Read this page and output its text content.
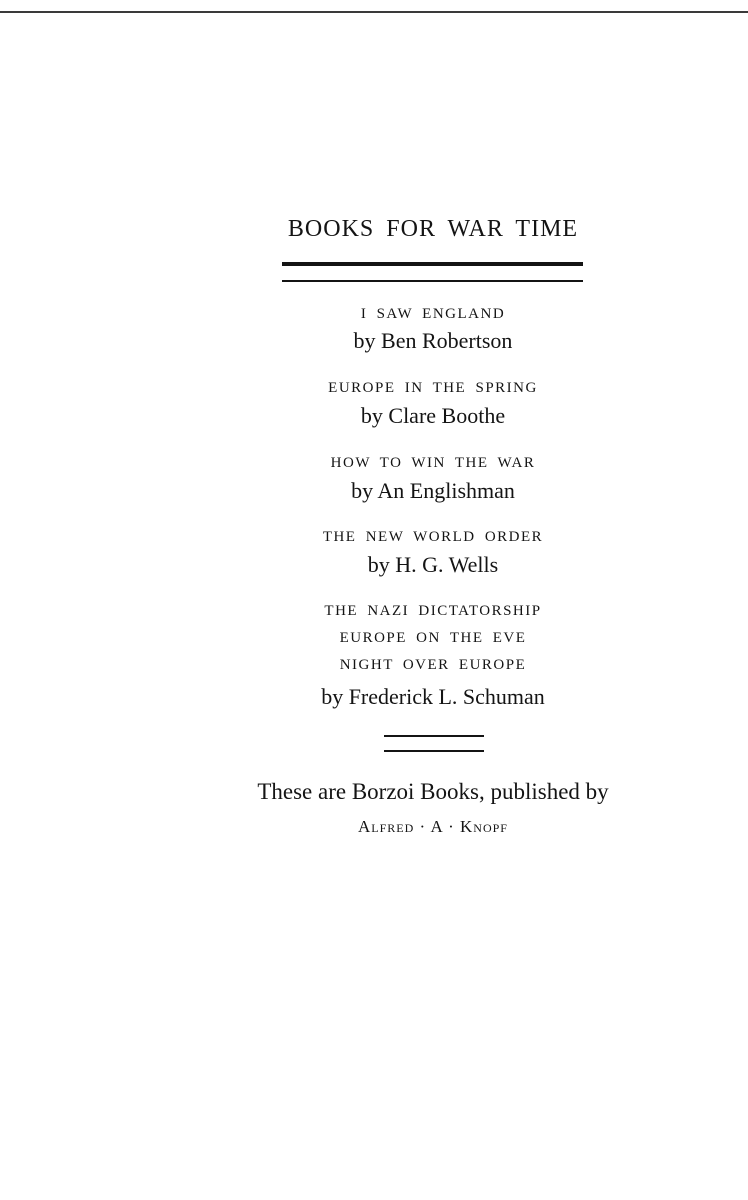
BOOKS FOR WAR TIME
I SAW ENGLAND
by Ben Robertson
EUROPE IN THE SPRING
by Clare Boothe
HOW TO WIN THE WAR
by An Englishman
THE NEW WORLD ORDER
by H. G. Wells
THE NAZI DICTATORSHIP
EUROPE ON THE EVE
NIGHT OVER EUROPE
by Frederick L. Schuman
These are Borzoi Books, published by
Alfred · A · Knopf
